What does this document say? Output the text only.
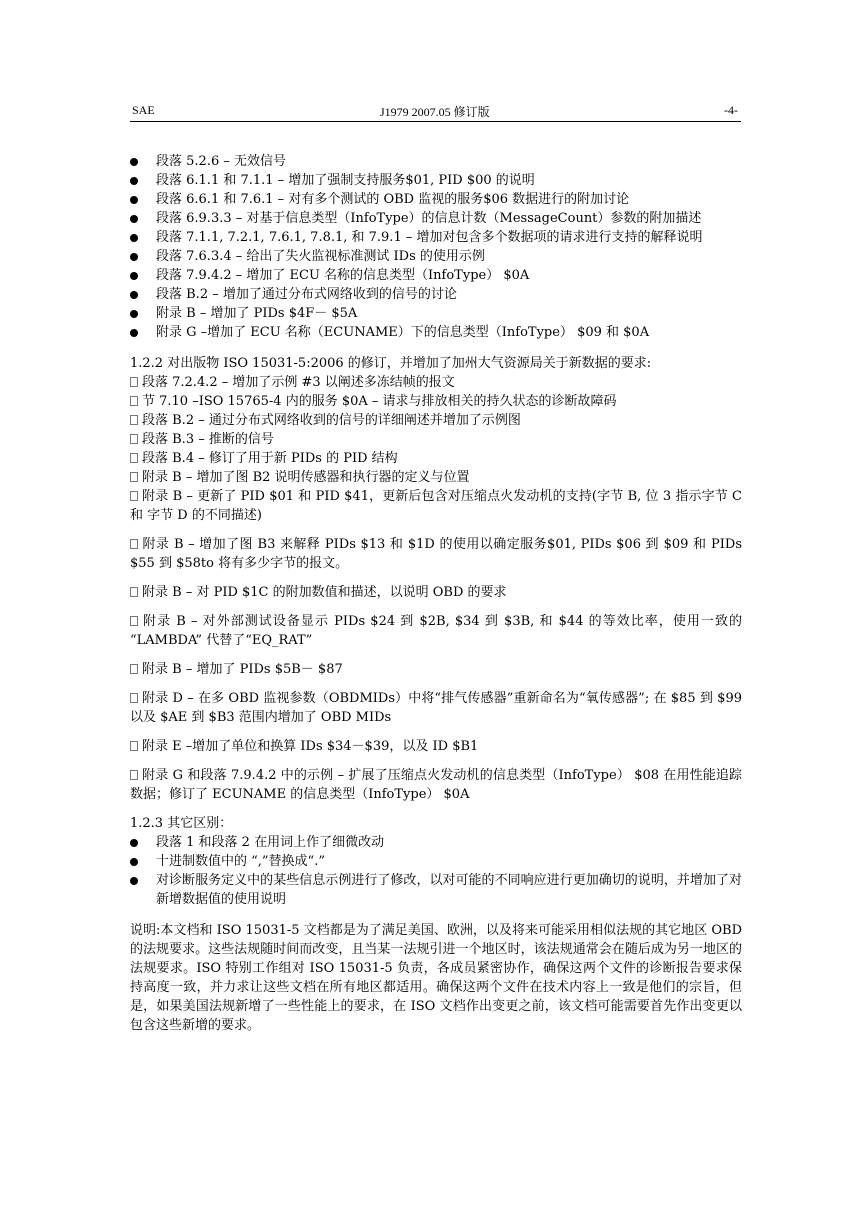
SAE	J1979 2007.05 修订版	-4-
段落 5.2.6 – 无效信号
段落 6.1.1 和 7.1.1 – 增加了强制支持服务$01, PID $00 的说明
段落 6.6.1 和 7.6.1 – 对有多个测试的 OBD 监视的服务$06 数据进行的附加讨论
段落 6.9.3.3 – 对基于信息类型（InfoType）的信息计数（MessageCount）参数的附加描述
段落 7.1.1, 7.2.1, 7.6.1, 7.8.1, 和 7.9.1 – 增加对包含多个数据项的请求进行支持的解释说明
段落 7.6.3.4 – 给出了失火监视标准测试 IDs 的使用示例
段落 7.9.4.2 – 增加了 ECU 名称的信息类型（InfoType） $0A
段落 B.2 – 增加了通过分布式网络收到的信号的讨论
附录 B – 增加了 PIDs $4F－ $5A
附录 G –增加了 ECU 名称（ECUNAME）下的信息类型（InfoType） $09 和 $0A

1.2.2 对出版物 ISO 15031-5:2006 的修订，并增加了加州大气资源局关于新数据的要求:

段落 7.2.4.2 – 增加了示例 #3 以阐述多冻结帧的报文
节 7.10 –ISO 15765-4 内的服务 $0A – 请求与排放相关的持久状态的诊断故障码
段落 B.2 – 通过分布式网络收到的信号的详细阐述并增加了示例图
段落 B.3 – 推断的信号
段落 B.4 – 修订了用于新 PIDs 的 PID 结构
附录 B – 增加了图 B2 说明传感器和执行器的定义与位置
附录 B – 更新了 PID $01 和 PID $41，更新后包含对压缩点火发动机的支持(字节 B, 位 3 指示字节 C 和 字节 D 的不同描述)
附录 B – 增加了图 B3 来解释 PIDs $13 和 $1D 的使用以确定服务$01, PIDs $06 到 $09 和 PIDs $55 到 $58to 将有多少字节的报文。
附录 B – 对 PID $1C 的附加数值和描述，以说明 OBD 的要求
附录 B – 对外部测试设备显示 PIDs $24 到 $2B, $34 到 $3B, 和 $44 的等效比率，使用一致的 “LAMBDA” 代替了“EQ_RAT”
附录 B – 增加了 PIDs $5B－ $87
附录 D – 在多 OBD 监视参数（OBDMIDs）中将“排气传感器”重新命名为“氧传感器”; 在 $85 到 $99 以及 $AE 到 $B3 范围内增加了 OBD MIDs
附录 E –增加了单位和换算 IDs $34－$39，以及 ID $B1
附录 G 和段落 7.9.4.2 中的示例 – 扩展了压缩点火发动机的信息类型（InfoType） $08 在用性能追踪数据；修订了 ECUNAME 的信息类型（InfoType） $0A

1.2.3 其它区别：

段落 1 和段落 2 在用词上作了细微改动
十进制数值中的 “,”替换成“.”
对诊断服务定义中的某些信息示例进行了修改，以对可能的不同响应进行更加确切的说明，并增加了对新增数据值的使用说明

说明:本文档和 ISO 15031-5 文档都是为了满足美国、欧洲，以及将来可能采用相似法规的其它地区 OBD 的法规要求。这些法规随时间而改变，且当某一法规引进一个地区时，该法规通常会在随后成为另一地区的法规要求。ISO 特别工作组对 ISO 15031-5 负责，各成员紧密协作，确保这两个文件的诊断报告要求保持高度一致，并力求让这些文档在所有地区都适用。确保这两个文件在技术内容上一致是他们的宗旨，但是，如果美国法规新增了一些性能上的要求，在 ISO 文档作出变更之前，该文档可能需要首先作出变更以包含这些新增的要求。
